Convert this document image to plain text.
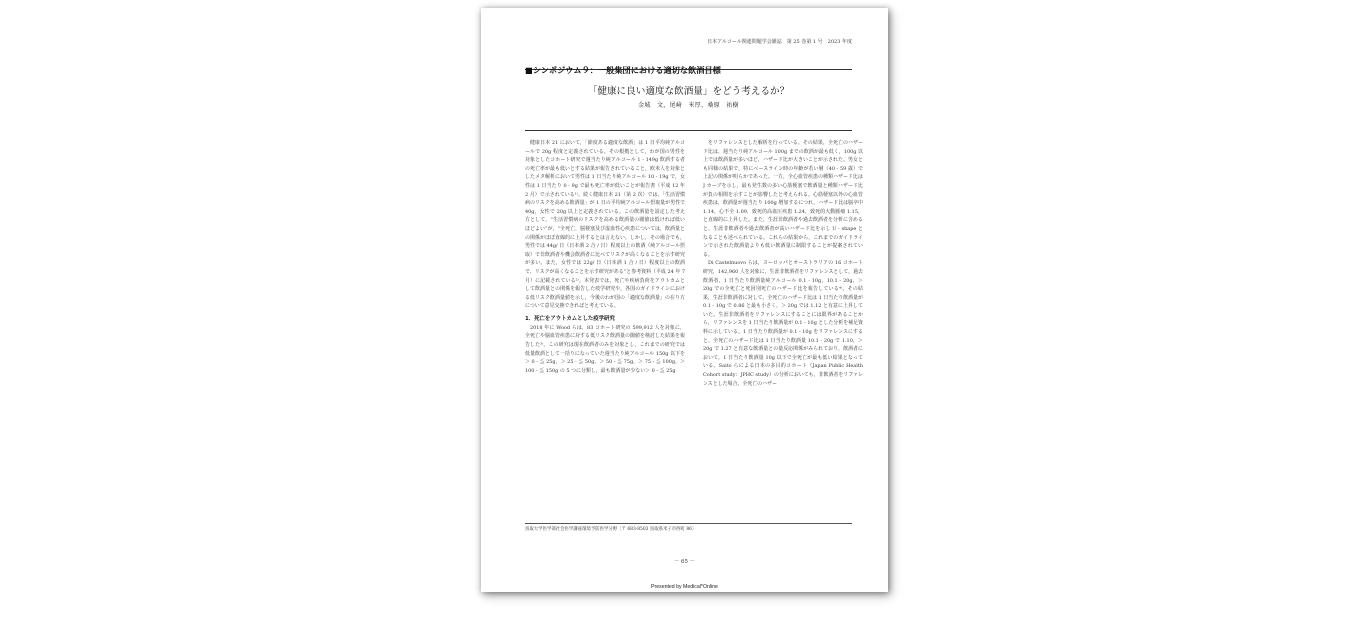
日本アルコール関連問題学会雑誌　第 25 巻第 1 号　2023 年度
■シンポジウム９：一般集団における適切な飲酒目標
「健康に良い適度な飲酒量」をどう考えるか？
金城　文，尾﨑　米厚，桑原　祐樹

健康日本 21 において，「節度ある適度な飲酒」は 1 日平均純アルコールで 20g 程度と定義されている。その根拠として，わが国の男性を対象としたコホート研究で週当たり純アルコール 1 - 149g 飲酒する者の死亡率が最も低いとする結果が報告されていること，欧米人を対象としたメタ解析において男性は 1 日当たり純アルコール 10 - 19g で，女性は 1 日当たり 0 - 9g で最も死亡率が低いことが報告書（平成 12 年 2 月）で示されている¹⁾。続く健康日本 21（第 2 次）では，「生活習慣病のリスクを高める飲酒量」が 1 日の平均純アルコール摂取量が男性で 40g，女性で 20g 以上と定義されている。この飲酒量を設定した考え方として，“生活習慣病のリスクを高める飲酒量の閾値は低ければ低いほどよい”が，“全死亡，脳梗塞及び虚血性心疾患については，飲酒量との関係がほぼ直線的に上昇するとは言えない。しかし，その場合でも，男性では 44g/ 日（日本酒 2 合 / 日）程度以上の飲酒（純アルコール摂取）で非飲酒者や機会飲酒者に比べてリスクが高くなることを示す研究が多い。また，女性では 22g/ 日（日本酒 1 合 / 日）程度以上の飲酒で，リスクが高くなることを示す研究がある”と参考資料（平成 24 年 7 月）に記載されている²⁾。本発表では，死亡や疾病負荷をアウトカムとして飲酒量との関係を報告した疫学研究や，各国のガイドラインにおける低リスク飲酒量値を示し，今後のわが国の「適度な飲酒量」の在り方について意見交換できればと考えている。

1．死亡をアウトカムとした疫学研究

2018 年に Wood らは，83 コホート研究の 599,912 人を対象に，全死亡や脳血管疾患に対する低リスク飲酒量の閾値を検討した結果を報告した³⁾。この研究は現在飲酒者のみを対象とし，これまでの研究では低量飲酒として一括りになっていた週当たり純アルコール 150g 以下を＞ 0 - ≦ 25g，＞ 25 - ≦ 50g，＞ 50 - ≦ 75g，＞ 75 - ≦ 100g，＞ 100 - ≦ 150g の 5 つに分類し，最も飲酒量が少ない＞ 0 - ≦ 25g

をリファレンスとした解析を行っている。その結果，全死亡のハザード比は，週当たり純アルコール 100g までの飲酒が最も低く，100g 以上では飲酒量が多いほど，ハザード比が大きいことが示された。男女とも同様の結果で，特にベースライン時の年齢が若い層（40 - 59 歳）で上記の関係が明らかであった。一方，全心血管疾患の種類ハザード比は J カーブを示し，最も発生数の多い心筋梗塞で飲酒量と種類ハザード比が負の相関を示すことが影響したと考えられる。心筋梗塞以外の心血管疾患は，飲酒量が週当たり 100g 増加するにつれ，ハザード比は脳卒中 1.14，心不全 1.09，致死的高血圧疾患 1.24，致死的大動脈瘤 1.15，と直線的に上昇した。また，生涯非飲酒者や過去飲酒者を分析に含めると，生涯非飲酒者や過去飲酒者が高いハザード比を示し U - shape となることも述べられている。これらの結果から，これまでのガイドラインで示された飲酒量よりも低い飲酒量に制限することが提案されている。

Di Castelnuovo らは，ヨーロッパとオーストラリアの 16 コホート研究，142,960 人を対象に，生涯非飲酒者をリファレンスとして，過去飲酒者，1 日当たり飲酒量純アルコール 0.1 - 10g，10.1 - 20g，＞ 20g での全死亡と死因別死亡のハザード比を報告している⁴⁾。その結果，生涯非飲酒者に対して，全死亡のハザード比は 1 日当たり飲酒量が 0.1 - 10g で 0.86 と最も小さく，＞ 20g では 1.12 と有意に上昇していた。生涯非飲酒者をリファレンスにすることには限界があることから，リファレンスを 1 日当たり飲酒量が 0.1 - 10g とした分析を補足資料に示している。1 日当たり飲酒量が 0.1 - 10g をリファレンスにすると，全死亡のハザード比は 1 日当たり飲酒量 10.1 - 20g で 1.10，＞ 20g で 1.27 と有意な飲酒量との量反応関係がみられており，飲酒者において，1 日当たり飲酒量 10g 以下で全死亡が最も低い結果となっている。Saito らによる日本の多目的コホート（Japan Public Health Cohort study：JPHC study）の分析においても，非飲酒者をリファレンスとした場合，全死亡のハザー

鳥取大学医学部社会医学講座環境予防医学分野〔〒 683-8503 鳥取県米子市西町 86〕
－ 65 －
Presented by Medical*Online
